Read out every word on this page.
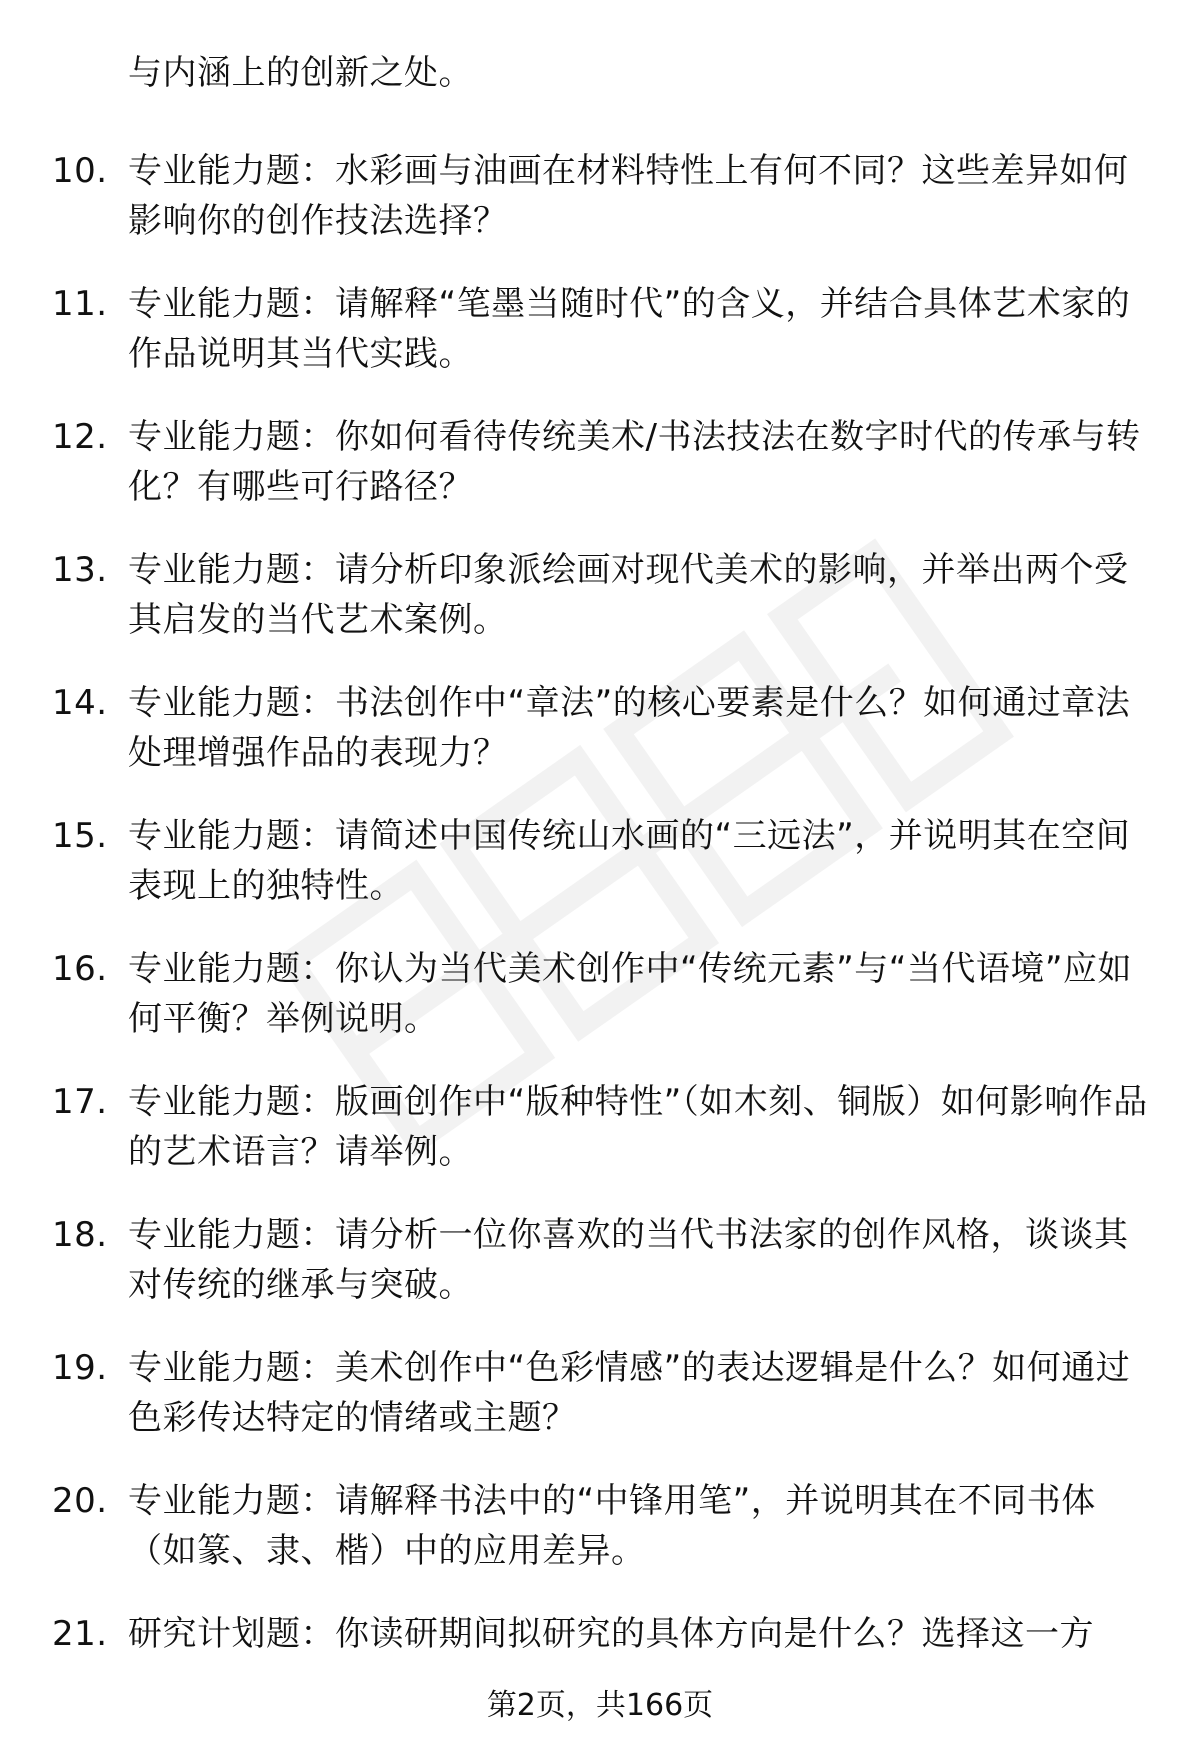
与内涵上的创新之处。
10. 专业能力题：水彩画与油画在材料特性上有何不同？这些差异如何影响你的创作技法选择？
11. 专业能力题：请解释“笔墨当随时代”的含义，并结合具体艺术家的作品说明其当代实践。
12. 专业能力题：你如何看待传统美术/书法技法在数字时代的传承与转化？有哪些可行路径？
13. 专业能力题：请分析印象派绘画对现代美术的影响，并举出两个受其启发的当代艺术案例。
14. 专业能力题：书法创作中“章法”的核心要素是什么？如何通过章法处理增强作品的表现力？
15. 专业能力题：请简述中国传统山水画的“三远法”，并说明其在空间表现上的独特性。
16. 专业能力题：你认为当代美术创作中“传统元素”与“当代语境”应如何平衡？举例说明。
17. 专业能力题：版画创作中“版种特性”（如木刻、铜版）如何影响作品的艺术语言？请举例。
18. 专业能力题：请分析一位你喜欢的当代书法家的创作风格，谈谈其对传统的继承与突破。
19. 专业能力题：美术创作中“色彩情感”的表达逻辑是什么？如何通过色彩传达特定的情绪或主题？
20. 专业能力题：请解释书法中的“中锋用笔”，并说明其在不同书体（如篆、隶、楷）中的应用差异。
21. 研究计划题：你读研期间拟研究的具体方向是什么？选择这一方
第2页，共166页
